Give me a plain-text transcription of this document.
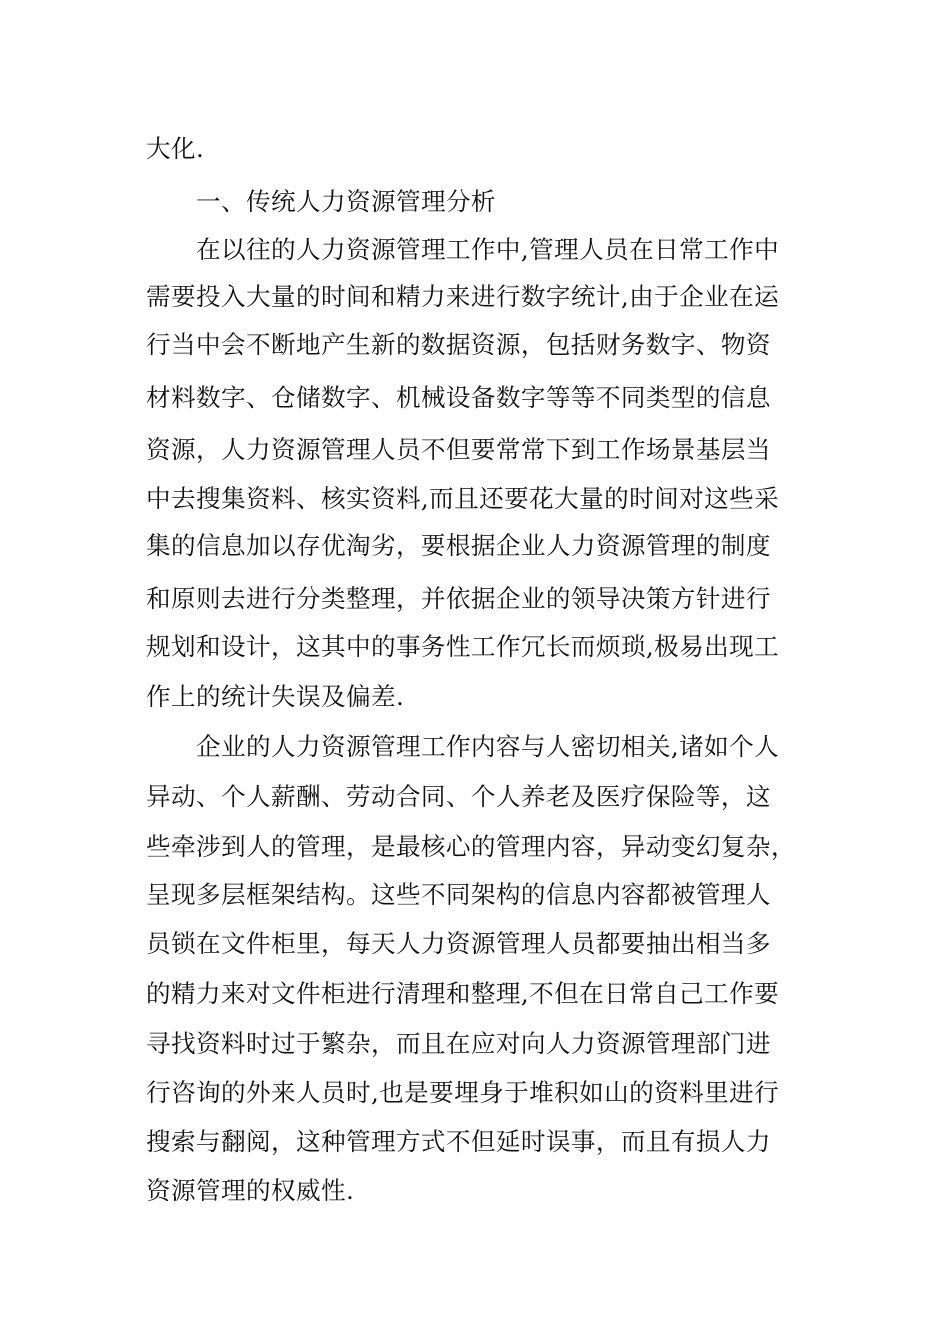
大化.

一、传统人力资源管理分析

在以往的人力资源管理工作中,管理人员在日常工作中

需要投入大量的时间和精力来进行数字统计,由于企业在运

行当中会不断地产生新的数据资源，包括财务数字、物资

材料数字、仓储数字、机械设备数字等等不同类型的信息

资源，人力资源管理人员不但要常常下到工作场景基层当

中去搜集资料、核实资料,而且还要花大量的时间对这些采

集的信息加以存优淘劣，要根据企业人力资源管理的制度

和原则去进行分类整理，并依据企业的领导决策方针进行

规划和设计，这其中的事务性工作冗长而烦琐,极易出现工

作上的统计失误及偏差.

企业的人力资源管理工作内容与人密切相关,诸如个人

异动、个人薪酬、劳动合同、个人养老及医疗保险等，这

些牵涉到人的管理，是最核心的管理内容，异动变幻复杂，

呈现多层框架结构。这些不同架构的信息内容都被管理人

员锁在文件柜里，每天人力资源管理人员都要抽出相当多

的精力来对文件柜进行清理和整理,不但在日常自己工作要

寻找资料时过于繁杂，而且在应对向人力资源管理部门进

行咨询的外来人员时,也是要埋身于堆积如山的资料里进行

搜索与翻阅，这种管理方式不但延时误事，而且有损人力

资源管理的权威性.
